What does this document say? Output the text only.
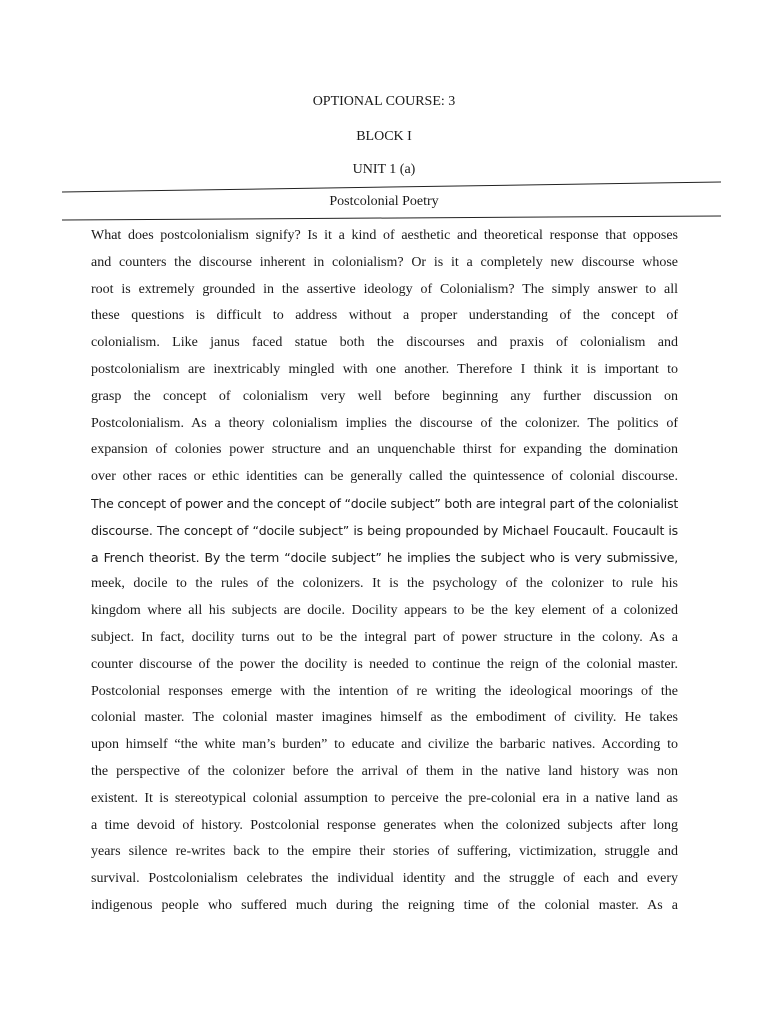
OPTIONAL COURSE: 3
BLOCK I
UNIT 1 (a)
Postcolonial Poetry
What does postcolonialism signify? Is it a kind of aesthetic and theoretical response that opposes
and counters the discourse inherent in colonialism? Or is it a completely new discourse whose
root is extremely grounded in the assertive ideology of Colonialism? The simply answer to all
these questions is difficult to address without a proper understanding of the concept of
colonialism. Like janus faced statue both the discourses and praxis of colonialism and
postcolonialism are inextricably mingled with one another. Therefore I think it is important to
grasp the concept of colonialism very well before beginning any further discussion on
Postcolonialism. As a theory colonialism implies the discourse of the colonizer. The politics of
expansion of colonies power structure and an unquenchable thirst for expanding the domination
over other races or ethic identities can be generally called the quintessence of colonial discourse.
The concept of power and the concept of “docile subject” both are integral part of the colonialist
discourse. The concept of “docile subject” is being propounded by Michael Foucault. Foucault is
a French theorist. By the term “docile subject” he implies the subject who is very submissive,
meek, docile to the rules of the colonizers. It is the psychology of the colonizer to rule his
kingdom where all his subjects are docile. Docility appears to be the key element of a colonized
subject. In fact, docility turns out to be the integral part of power structure in the colony. As a
counter discourse of the power the docility is needed to continue the reign of the colonial master.
Postcolonial responses emerge with the intention of re writing the ideological moorings of the
colonial master. The colonial master imagines himself as the embodiment of civility. He takes
upon himself “the white man’s burden” to educate and civilize the barbaric natives. According to
the perspective of the colonizer before the arrival of them in the native land history was non
existent. It is stereotypical colonial assumption to perceive the pre-colonial era in a native land as
a time devoid of history. Postcolonial response generates when the colonized subjects after long
years silence re-writes back to the empire their stories of suffering, victimization, struggle and
survival. Postcolonialism celebrates the individual identity and the struggle of each and every
indigenous people who suffered much during the reigning time of the colonial master. As a
